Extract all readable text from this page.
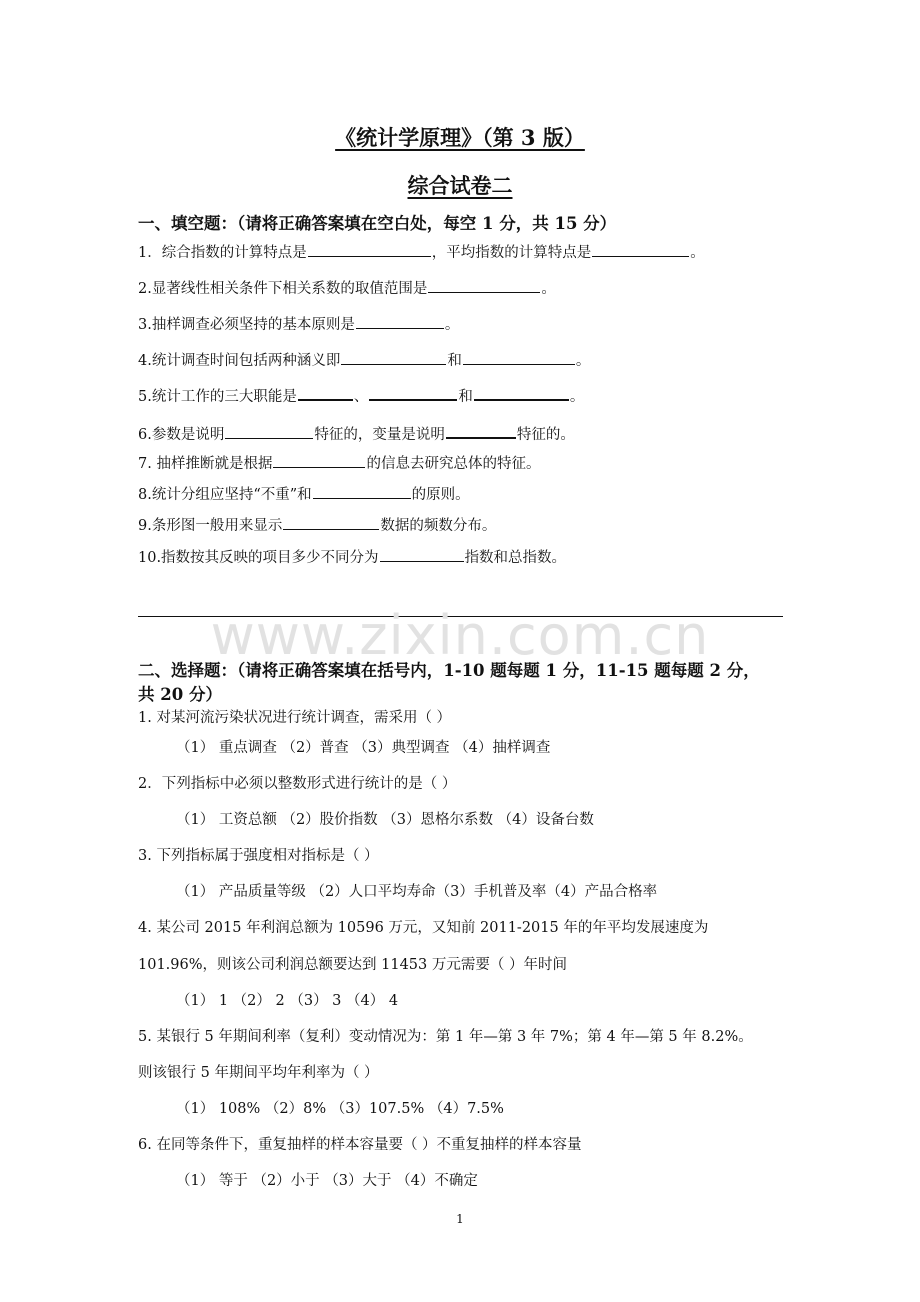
《统计学原理》（第 3 版）
综合试卷二
一、填空题：（请将正确答案填在空白处，每空 1 分，共 15 分）
1．综合指数的计算特点是	，平均指数的计算特点是	。
2.显著线性相关条件下相关系数的取值范围是	。
3.抽样调查必须坚持的基本原则是	。
4.统计调查时间包括两种涵义即	和	。
5.统计工作的三大职能是	、	和	。
6.参数是说明	特征的，变量是说明	特征的。
7. 抽样推断就是根据	的信息去研究总体的特征。
8.统计分组应坚持“不重”和	的原则。
9.条形图一般用来显示	数据的频数分布。
10.指数按其反映的项目多少不同分为	指数和总指数。
www.zixin.com.cn
二、选择题：（请将正确答案填在括号内，1-10 题每题 1 分，11-15 题每题 2 分，
共 20 分）
1. 对某河流污染状况进行统计调查，需采用（ ）
（1） 重点调查 （2）普查 （3）典型调查 （4）抽样调查
2．下列指标中必须以整数形式进行统计的是（ ）
（1） 工资总额 （2）股价指数 （3）恩格尔系数 （4）设备台数
3. 下列指标属于强度相对指标是（ ）
（1） 产品质量等级 （2）人口平均寿命（3）手机普及率（4）产品合格率
4. 某公司 2015 年利润总额为 10596 万元，又知前 2011-2015 年的年平均发展速度为
101.96%，则该公司利润总额要达到 11453 万元需要（ ）年时间
（1） 1 （2） 2 （3） 3 （4） 4
5. 某银行 5 年期间利率（复利）变动情况为：第 1 年—第 3 年 7%；第 4 年—第 5 年 8.2%。
则该银行 5 年期间平均年利率为（ ）
（1） 108% （2）8% （3）107.5% （4）7.5%
6. 在同等条件下，重复抽样的样本容量要（ ）不重复抽样的样本容量
（1） 等于 （2）小于 （3）大于 （4）不确定
1
